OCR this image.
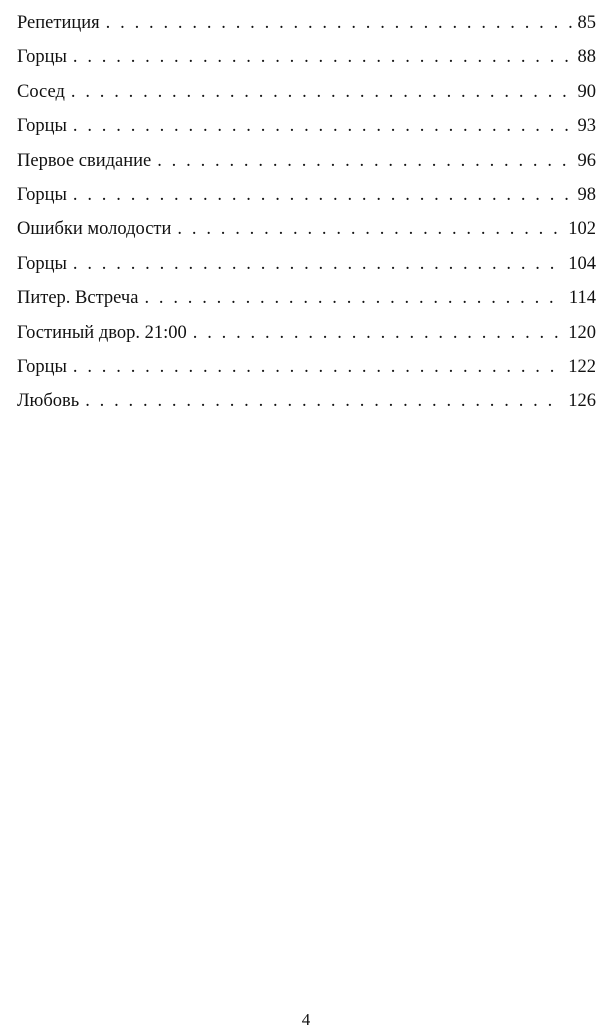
Репетиция . . .	85
Горцы . . .	88
Сосед . . .	90
Горцы . . .	93
Первое свидание . . .	96
Горцы . . .	98
Ошибки молодости . . .	102
Горцы . . .	104
Питер. Встреча . . .	114
Гостиный двор. 21:00 . . .	120
Горцы . . .	122
Любовь . . .	126
4
